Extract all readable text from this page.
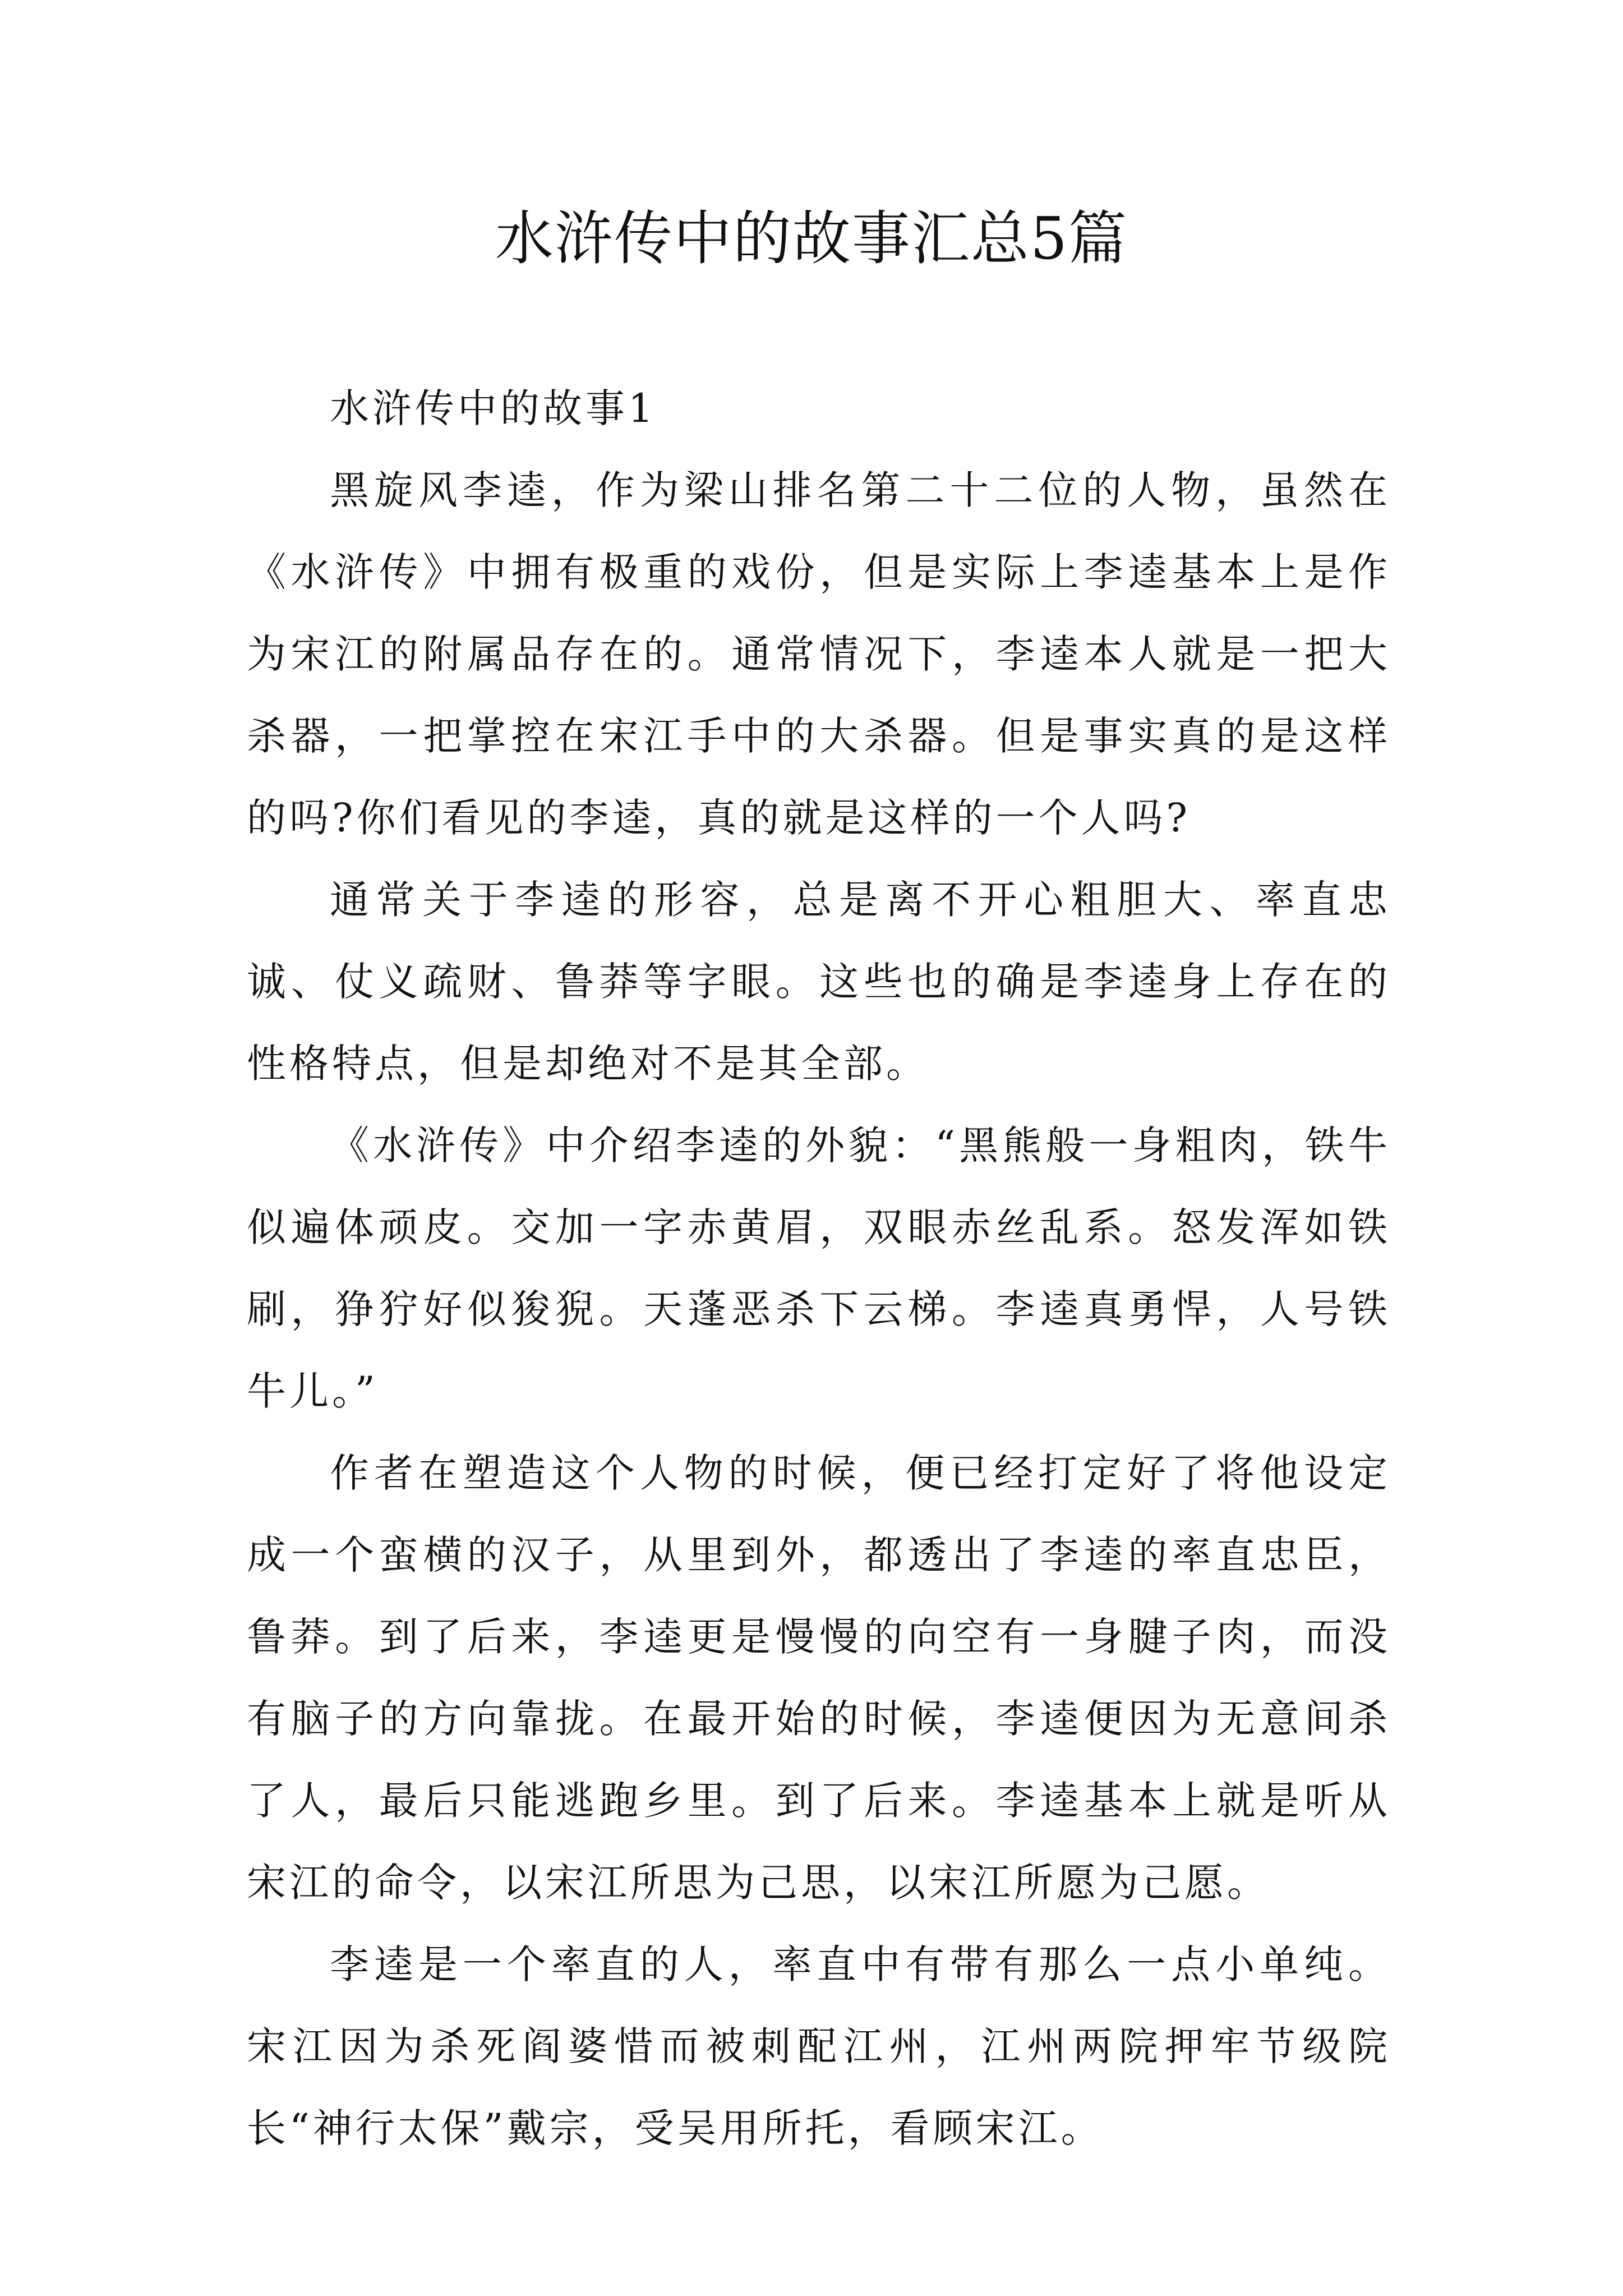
水浒传中的故事汇总5篇

水浒传中的故事1

黑旋风李逵，作为梁山排名第二十二位的人物，虽然在《水浒传》中拥有极重的戏份，但是实际上李逵基本上是作为宋江的附属品存在的。通常情况下，李逵本人就是一把大杀器，一把掌控在宋江手中的大杀器。但是事实真的是这样的吗?你们看见的李逵，真的就是这样的一个人吗?

通常关于李逵的形容，总是离不开心粗胆大、率直忠诚、仗义疏财、鲁莽等字眼。这些也的确是李逵身上存在的性格特点，但是却绝对不是其全部。

《水浒传》中介绍李逵的外貌：“黑熊般一身粗肉，铁牛似遍体顽皮。交加一字赤黄眉，双眼赤丝乱系。怒发浑如铁刷，狰狞好似狻猊。天蓬恶杀下云梯。李逵真勇悍，人号铁牛儿。”

作者在塑造这个人物的时候，便已经打定好了将他设定成一个蛮横的汉子，从里到外，都透出了李逵的率直忠臣，鲁莽。到了后来，李逵更是慢慢的向空有一身腱子肉，而没有脑子的方向靠拢。在最开始的时候，李逵便因为无意间杀了人，最后只能逃跑乡里。到了后来。李逵基本上就是听从宋江的命令，以宋江所思为己思，以宋江所愿为己愿。

李逵是一个率直的人，率直中有带有那么一点小单纯。宋江因为杀死阎婆惜而被刺配江州，江州两院押牢节级院长“神行太保”戴宗，受吴用所托，看顾宋江。
